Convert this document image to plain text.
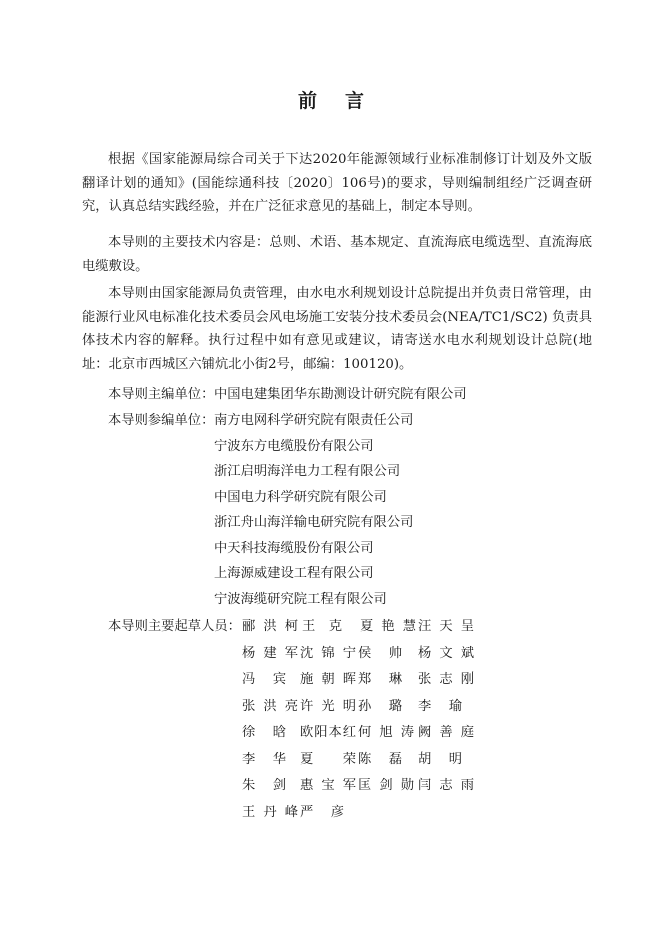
前言

根据《国家能源局综合司关于下达2020年能源领域行业标准制修订计划及外文版翻译计划的通知》(国能综通科技〔2020〕106号)的要求，导则编制组经广泛调查研究，认真总结实践经验，并在广泛征求意见的基础上，制定本导则。

本导则的主要技术内容是：总则、术语、基本规定、直流海底电缆选型、直流海底电缆敷设。

本导则由国家能源局负责管理，由水电水利规划设计总院提出并负责日常管理，由能源行业风电标准化技术委员会风电场施工安装分技术委员会(NEA/TC1/SC2) 负责具体技术内容的解释。执行过程中如有意见或建议，请寄送水电水利规划设计总院(地址：北京市西城区六铺炕北小街2号，邮编：100120)。

本导则主编单位： 中国电建集团华东勘测设计研究院有限公司
本导则参编单位： 南方电网科学研究院有限责任公司
宁波东方电缆股份有限公司
浙江启明海洋电力工程有限公司
中国电力科学研究院有限公司
浙江舟山海洋输电研究院有限公司
中天科技海缆股份有限公司
上海源威建设工程有限公司
宁波海缆研究院工程有限公司
本导则主要起草人员： 郦洪柯 王克 夏艳慧 汪天呈
杨建军 沈锦宁 侯帅 杨文斌
冯宾 施朝晖 郑琳 张志刚
张洪亮 许光明 孙璐 李瑜
徐晗 欧阳本红 何旭涛 阙善庭
李华 夏荣 陈磊 胡明
朱剑 惠宝军 匡剑勋 闫志雨
王丹峰 严彦
